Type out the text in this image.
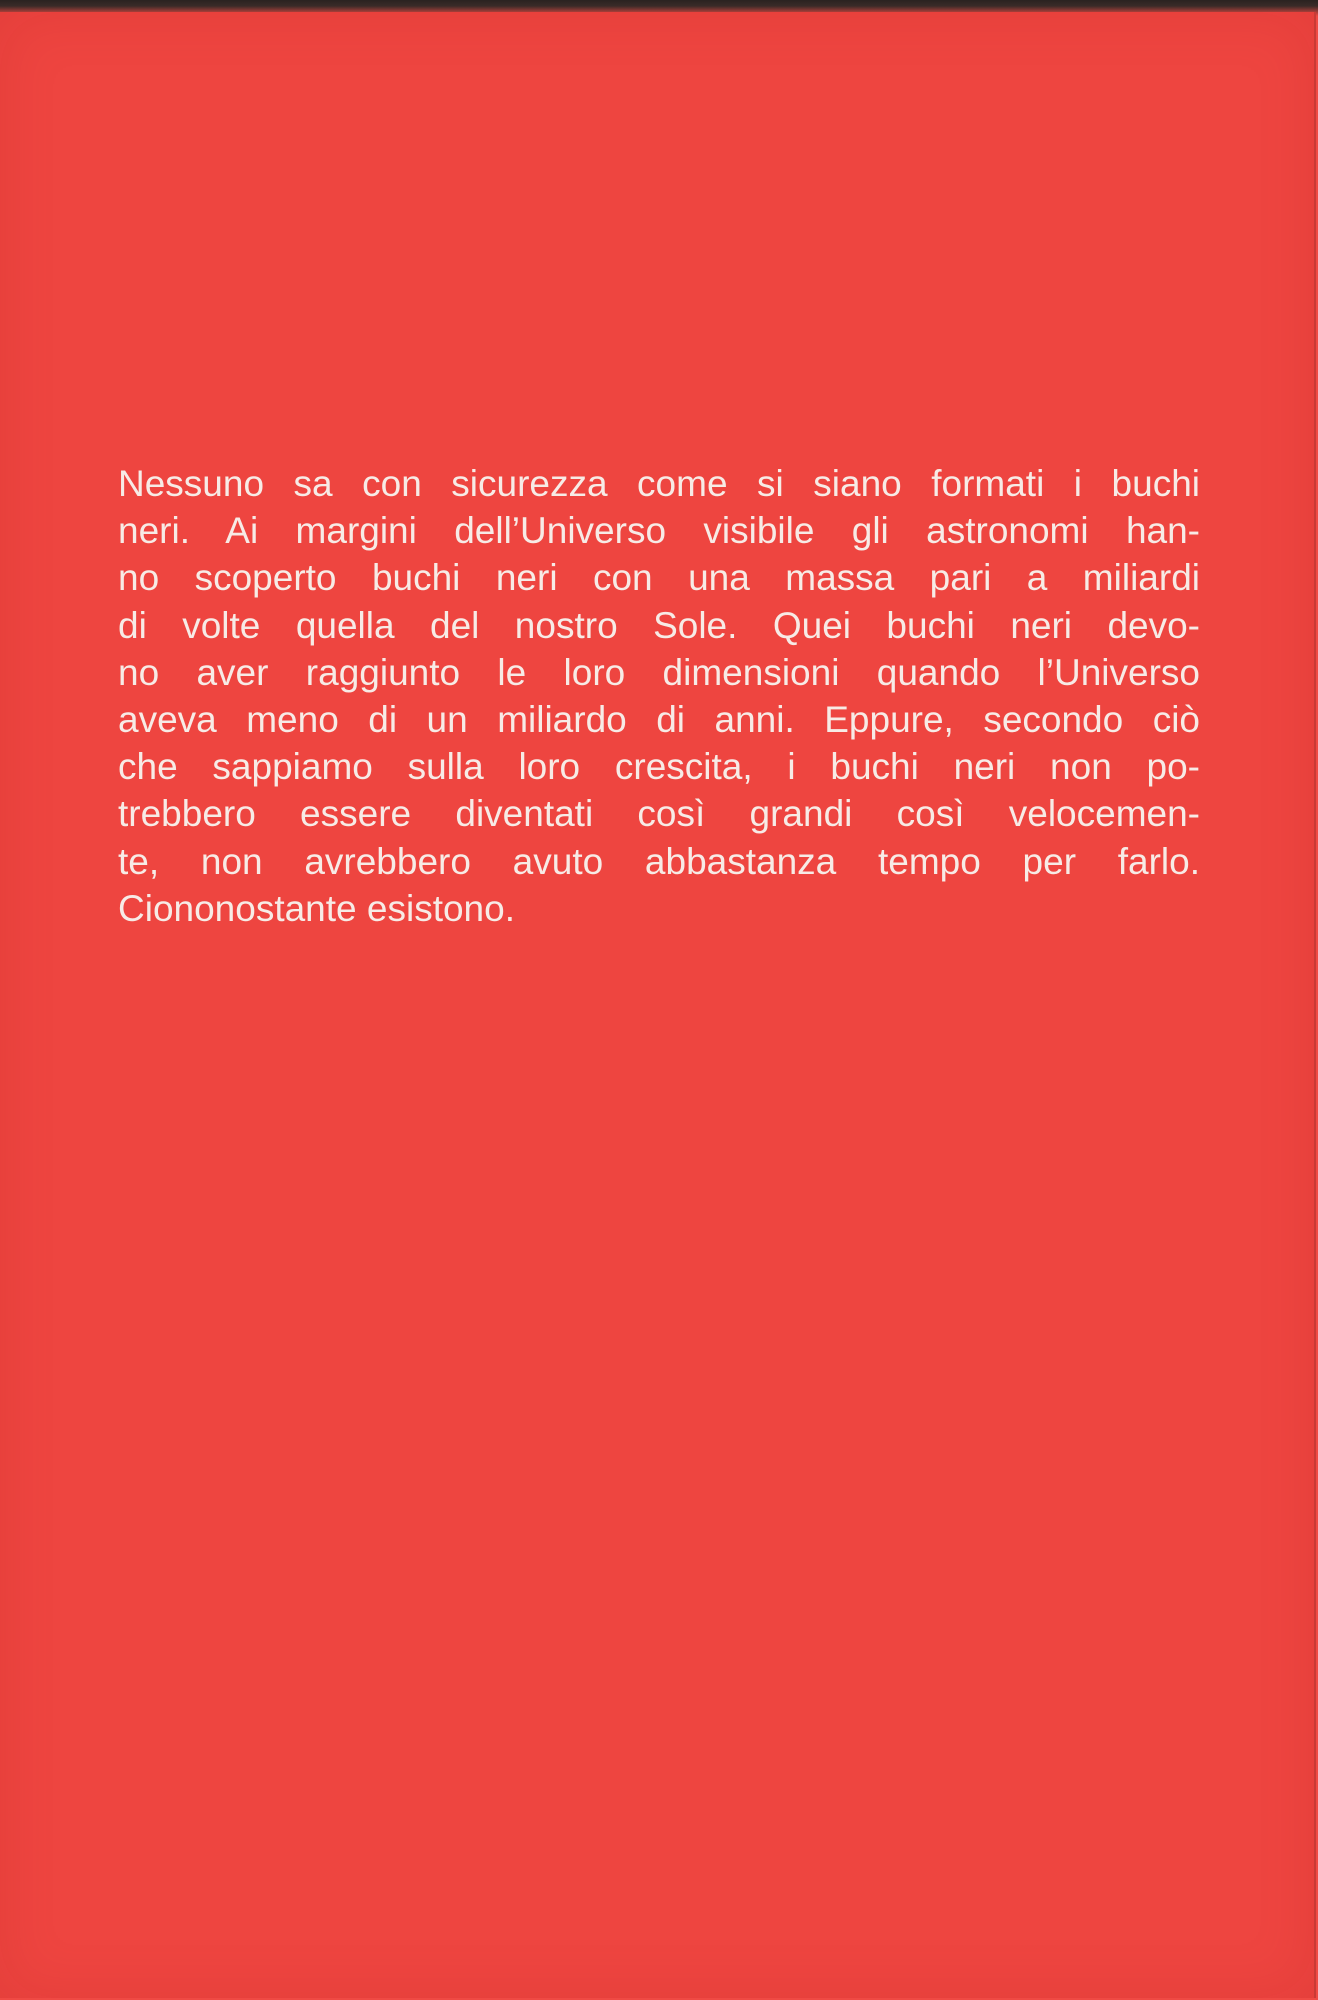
Nessuno sa con sicurezza come si siano formati i buchi
neri. Ai margini dell’Universo visibile gli astronomi han-
no scoperto buchi neri con una massa pari a miliardi
di volte quella del nostro Sole. Quei buchi neri devo-
no aver raggiunto le loro dimensioni quando l’Universo
aveva meno di un miliardo di anni. Eppure, secondo ciò
che sappiamo sulla loro crescita, i buchi neri non po-
trebbero essere diventati così grandi così velocemen-
te, non avrebbero avuto abbastanza tempo per farlo.
Ciononostante esistono.
